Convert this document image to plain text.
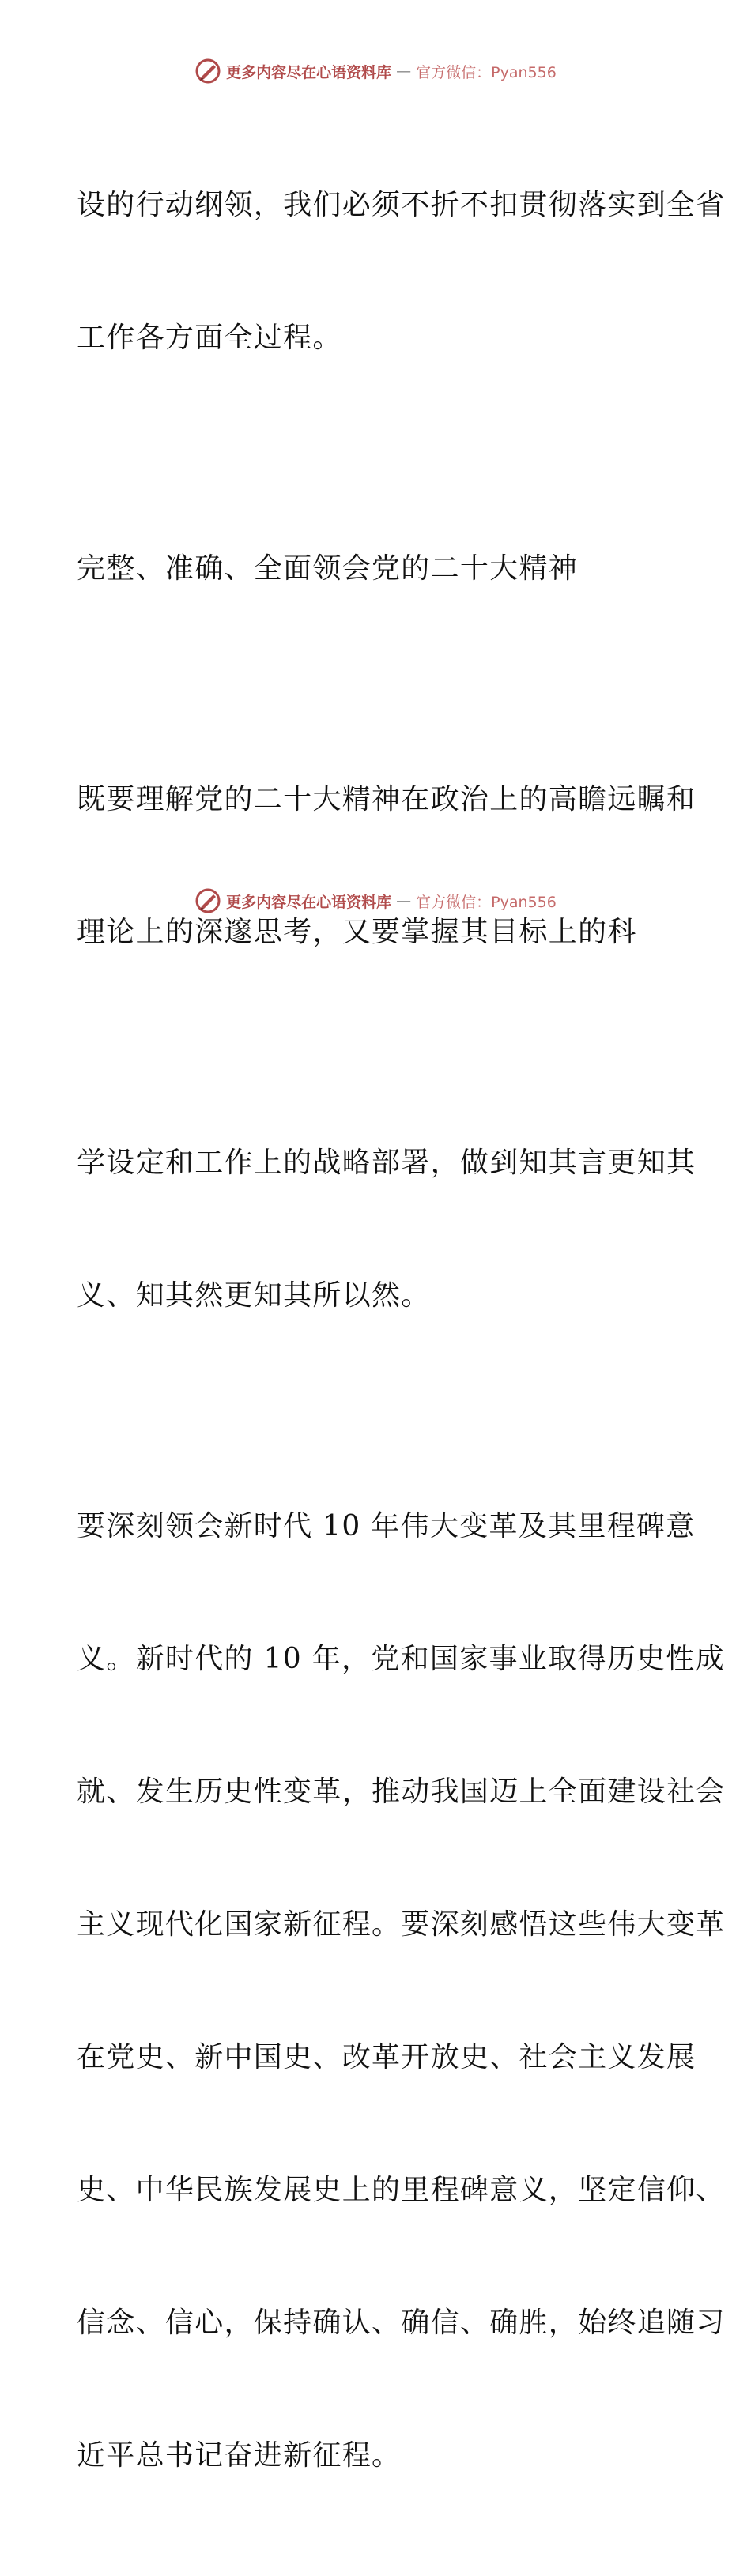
更多内容尽在心语资料库 — 官方微信：Pyan556

设的行动纲领，我们必须不折不扣贯彻落实到全省

工作各方面全过程。

完整、准确、全面领会党的二十大精神

既要理解党的二十大精神在政治上的高瞻远瞩和

理论上的深邃思考，又要掌握其目标上的科

学设定和工作上的战略部署，做到知其言更知其

义、知其然更知其所以然。

要深刻领会新时代 10 年伟大变革及其里程碑意

义。新时代的 10 年，党和国家事业取得历史性成

就、发生历史性变革，推动我国迈上全面建设社会

主义现代化国家新征程。要深刻感悟这些伟大变革

在党史、新中国史、改革开放史、社会主义发展

史、中华民族发展史上的里程碑意义，坚定信仰、

信念、信心，保持确认、确信、确胜，始终追随习

近平总书记奋进新征程。

更多内容尽在心语资料库 — 官方微信：Pyan556
